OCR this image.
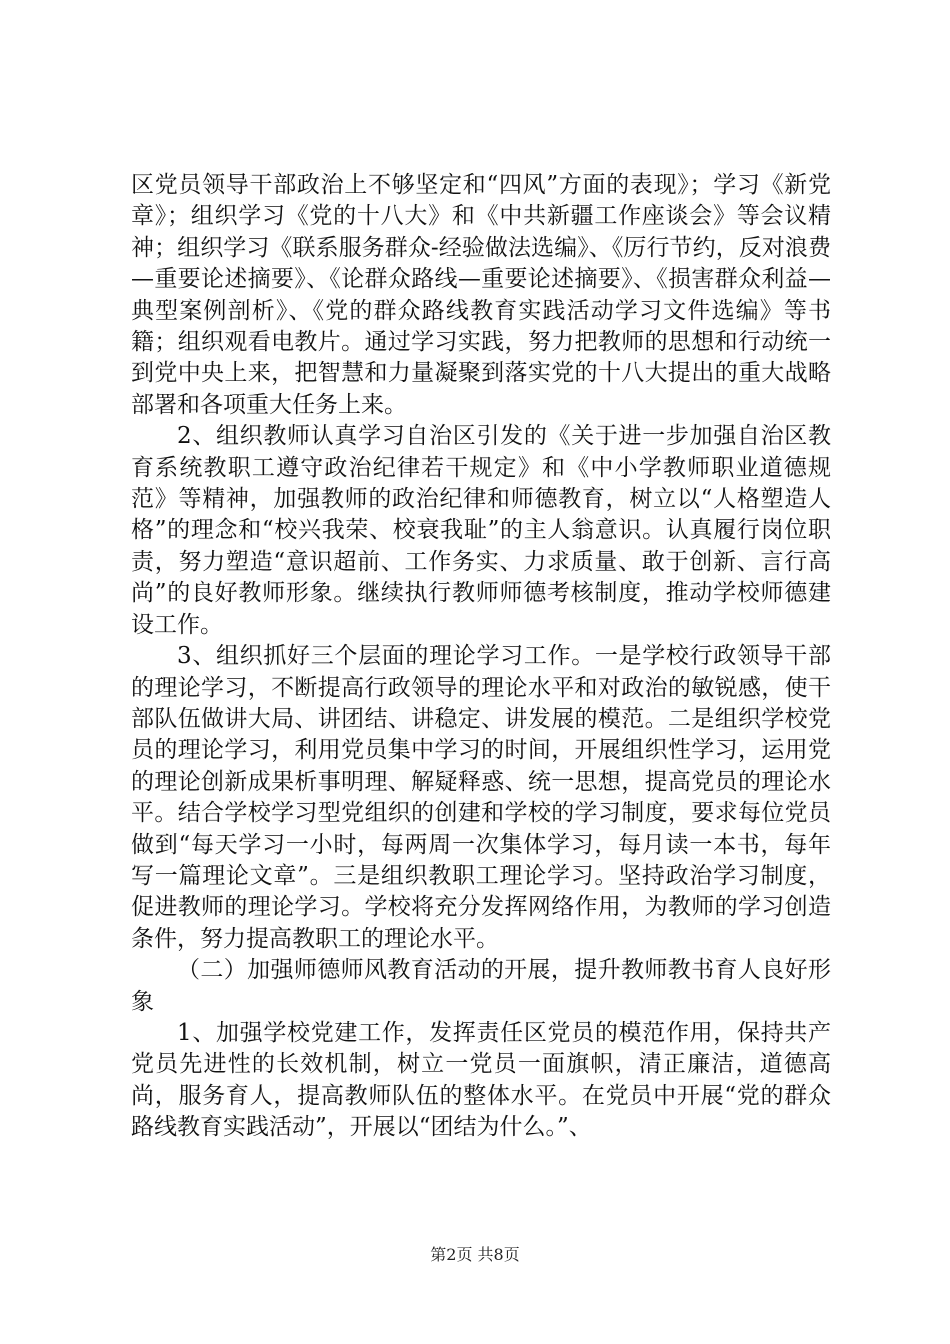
区党员领导干部政治上不够坚定和“四风”方面的表现》；学习《新党章》；组织学习《党的十八大》和《中共新疆工作座谈会》等会议精神；组织学习《联系服务群众-经验做法选编》、《厉行节约，反对浪费—重要论述摘要》、《论群众路线—重要论述摘要》、《损害群众利益—典型案例剖析》、《党的群众路线教育实践活动学习文件选编》等书籍；组织观看电教片。通过学习实践，努力把教师的思想和行动统一到党中央上来，把智慧和力量凝聚到落实党的十八大提出的重大战略部署和各项重大任务上来。

2、组织教师认真学习自治区引发的《关于进一步加强自治区教育系统教职工遵守政治纪律若干规定》和《中小学教师职业道德规范》等精神，加强教师的政治纪律和师德教育，树立以“人格塑造人格”的理念和“校兴我荣、校衰我耻”的主人翁意识。认真履行岗位职责，努力塑造“意识超前、工作务实、力求质量、敢于创新、言行高尚”的良好教师形象。继续执行教师师德考核制度，推动学校师德建设工作。

3、组织抓好三个层面的理论学习工作。一是学校行政领导干部的理论学习，不断提高行政领导的理论水平和对政治的敏锐感，使干部队伍做讲大局、讲团结、讲稳定、讲发展的模范。二是组织学校党员的理论学习，利用党员集中学习的时间，开展组织性学习，运用党的理论创新成果析事明理、解疑释惑、统一思想，提高党员的理论水平。结合学校学习型党组织的创建和学校的学习制度，要求每位党员做到“每天学习一小时，每两周一次集体学习，每月读一本书，每年写一篇理论文章”。三是组织教职工理论学习。坚持政治学习制度，促进教师的理论学习。学校将充分发挥网络作用，为教师的学习创造条件，努力提高教职工的理论水平。

（二）加强师德师风教育活动的开展，提升教师教书育人良好形象

1、加强学校党建工作，发挥责任区党员的模范作用，保持共产党员先进性的长效机制，树立一党员一面旗帜，清正廉洁，道德高尚，服务育人，提高教师队伍的整体水平。在党员中开展“党的群众路线教育实践活动”，开展以“团结为什么。”、

第2页 共8页
